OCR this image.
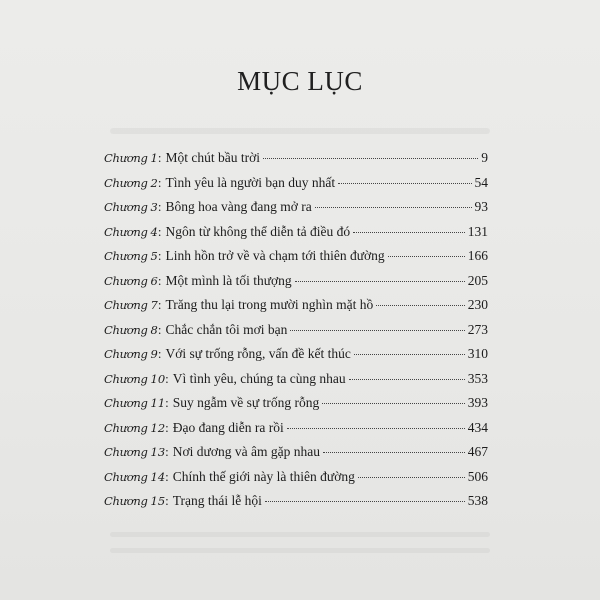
MỤC LỤC
Chương 1 : Một chút bầu trời	9
Chương 2 : Tình yêu là người bạn duy nhất	54
Chương 3 : Bông hoa vàng đang mở ra	93
Chương 4 : Ngôn từ không thể diễn tả điều đó	131
Chương 5 : Linh hồn trở về và chạm tới thiên đường	166
Chương 6 : Một mình là tối thượng	205
Chương 7 : Trăng thu lại trong mười nghìn mặt hồ	230
Chương 8 : Chắc chắn tôi mơi bạn	273
Chương 9 : Với sự trống rỗng, vấn đề kết thúc	310
Chương 10 : Vì tình yêu, chúng ta cùng nhau	353
Chương 11 : Suy ngẫm về sự trống rỗng	393
Chương 12 : Đạo đang diễn ra rồi	434
Chương 13 : Nơi dương và âm gặp nhau	467
Chương 14 : Chính thế giới này là thiên đường	506
Chương 15 : Trạng thái lễ hội	538
